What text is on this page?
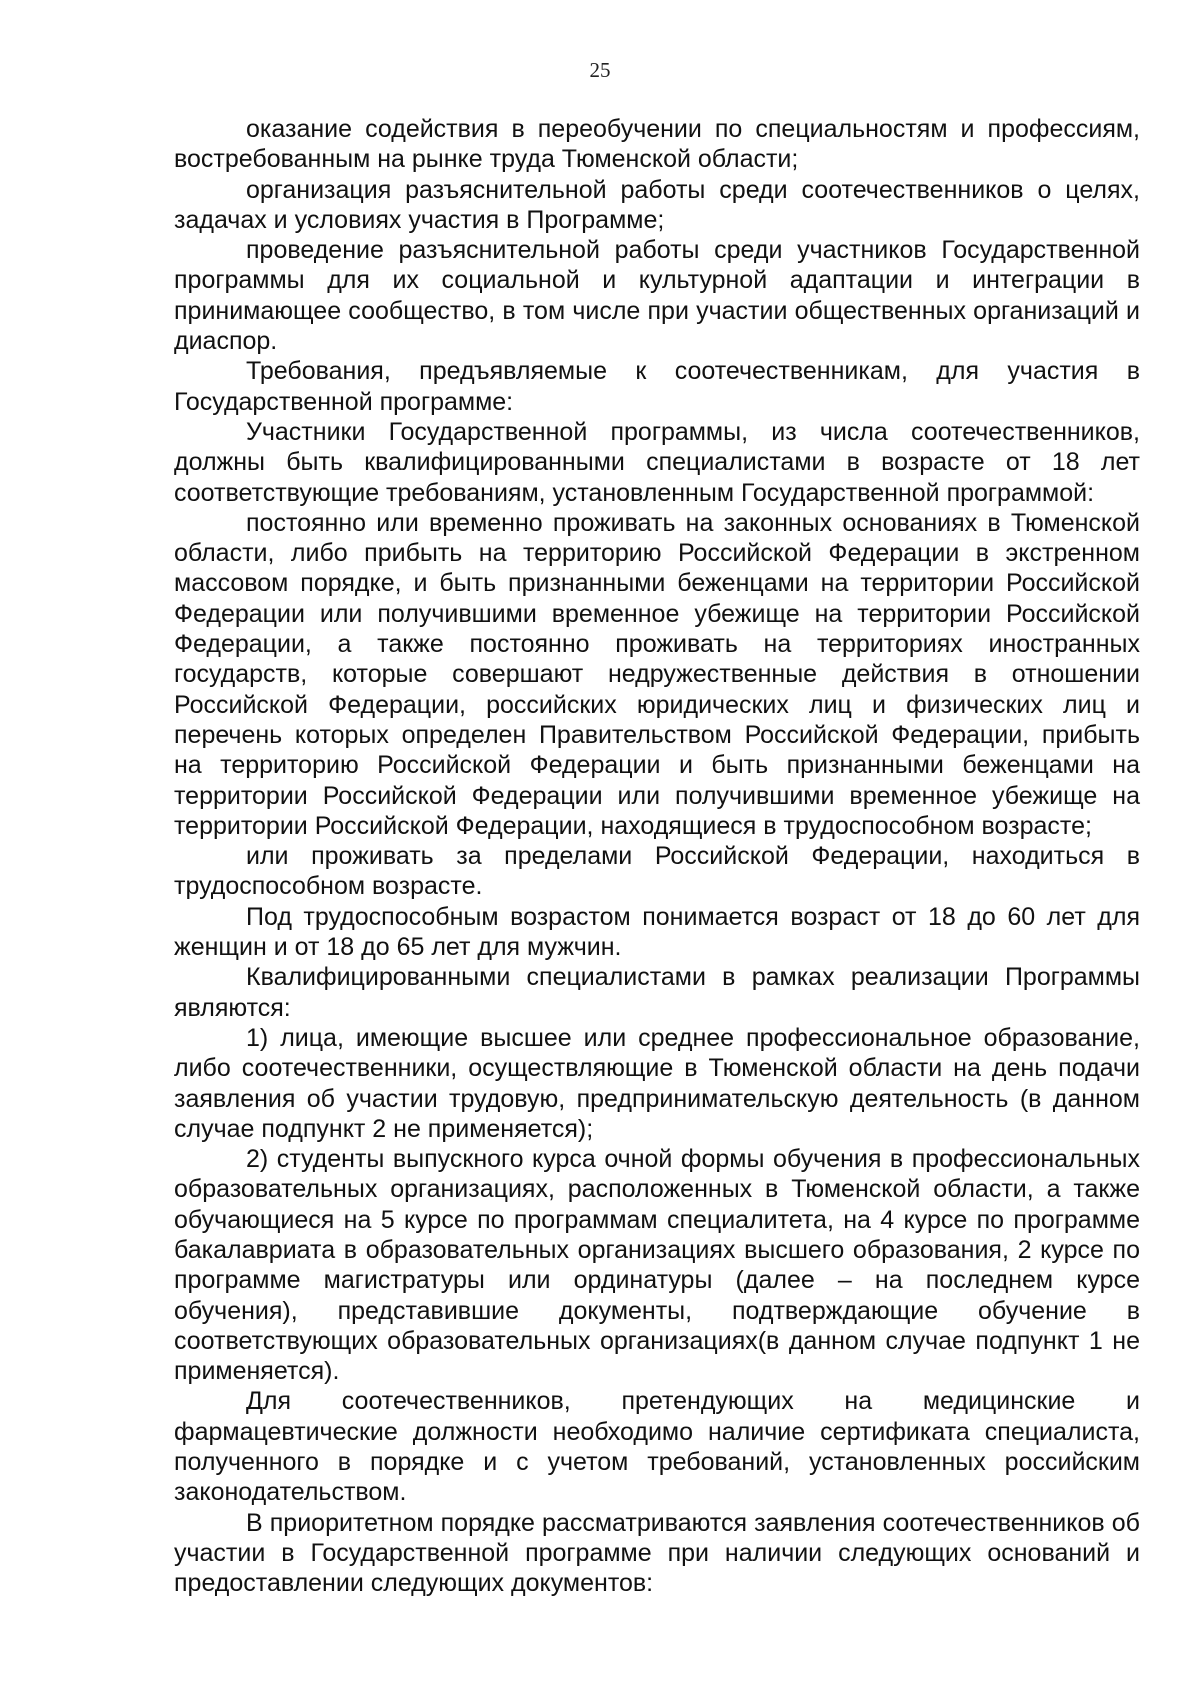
25

оказание содействия в переобучении по специальностям и профессиям, востребованным на рынке труда Тюменской области;

организация разъяснительной работы среди соотечественников о целях, задачах и условиях участия в Программе;

проведение разъяснительной работы среди участников Государственной программы для их социальной и культурной адаптации и интеграции в принимающее сообщество, в том числе при участии общественных организаций и диаспор.

Требования, предъявляемые к соотечественникам, для участия в Государственной программе:

Участники Государственной программы, из числа соотечественников, должны быть квалифицированными специалистами в возрасте от 18 лет соответствующие требованиям, установленным Государственной программой:

постоянно или временно проживать на законных основаниях в Тюменской области, либо прибыть на территорию Российской Федерации в экстренном массовом порядке, и быть признанными беженцами на территории Российской Федерации или получившими временное убежище на территории Российской Федерации, а также постоянно проживать на территориях иностранных государств, которые совершают недружественные действия в отношении Российской Федерации, российских юридических лиц и физических лиц и перечень которых определен Правительством Российской Федерации, прибыть на территорию Российской Федерации и быть признанными беженцами на территории Российской Федерации или получившими временное убежище на территории Российской Федерации, находящиеся в трудоспособном возрасте;

или проживать за пределами Российской Федерации, находиться в трудоспособном возрасте.

Под трудоспособным возрастом понимается возраст от 18 до 60 лет для женщин и от 18 до 65 лет для мужчин.

Квалифицированными специалистами в рамках реализации Программы являются:

1) лица, имеющие высшее или среднее профессиональное образование, либо соотечественники, осуществляющие в Тюменской области на день подачи заявления об участии трудовую, предпринимательскую деятельность (в данном случае подпункт 2 не применяется);

2) студенты выпускного курса очной формы обучения в профессиональных образовательных организациях, расположенных в Тюменской области, а также обучающиеся на 5 курсе по программам специалитета, на 4 курсе по программе бакалавриата в образовательных организациях высшего образования, 2 курсе по программе магистратуры или ординатуры (далее – на последнем курсе обучения), представившие документы, подтверждающие обучение в соответствующих образовательных организациях(в данном случае подпункт 1 не применяется).

Для соотечественников, претендующих на медицинские и фармацевтические должности необходимо наличие сертификата специалиста, полученного в порядке и с учетом требований, установленных российским законодательством.

В приоритетном порядке рассматриваются заявления соотечественников об участии в Государственной программе при наличии следующих оснований и предоставлении следующих документов:
